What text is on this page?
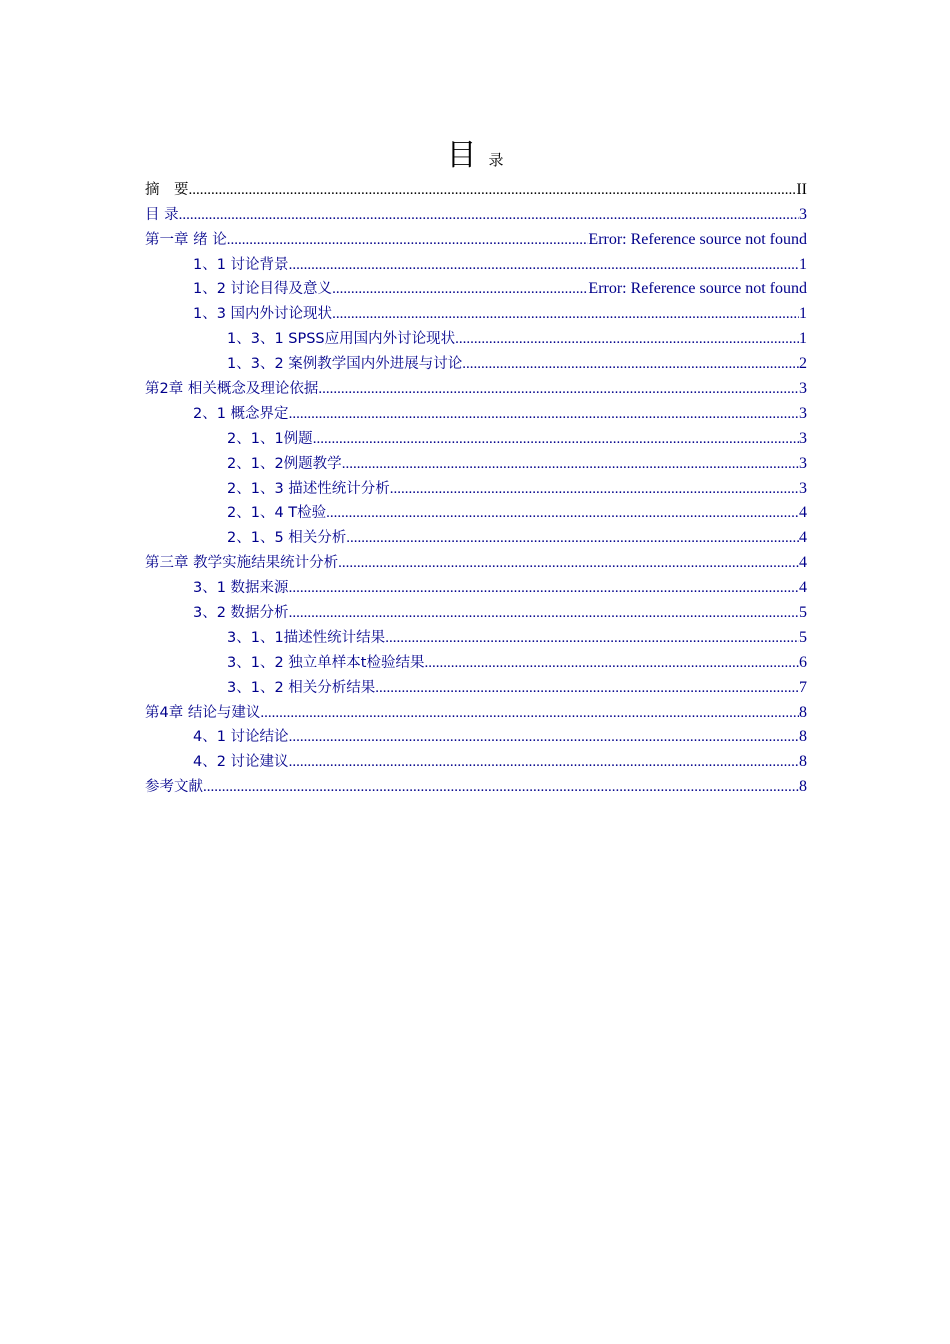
目录
摘　要 .....	II
目 录 .....	3
第一章 绪 论 .....	Error: Reference source not found
1、1 讨论背景 .....	1
1、2 讨论目得及意义 .....	Error: Reference source not found
1、3 国内外讨论现状 .....	1
1、3、1 SPSS应用国内外讨论现状 .....	1
1、3、2 案例教学国内外进展与讨论 .....	2
第2章 相关概念及理论依据 .....	3
2、1 概念界定 .....	3
2、1、1例题 .....	3
2、1、2例题教学 .....	3
2、1、3 描述性统计分析 .....	3
2、1、4 T检验 .....	4
2、1、5 相关分析 .....	4
第三章 教学实施结果统计分析 .....	4
3、1 数据来源 .....	4
3、2 数据分析 .....	5
3、1、1描述性统计结果 .....	5
3、1、2 独立单样本t检验结果 .....	6
3、1、2 相关分析结果 .....	7
第4章 结论与建议 .....	8
4、1 讨论结论 .....	8
4、2 讨论建议 .....	8
参考文献 .....	8
